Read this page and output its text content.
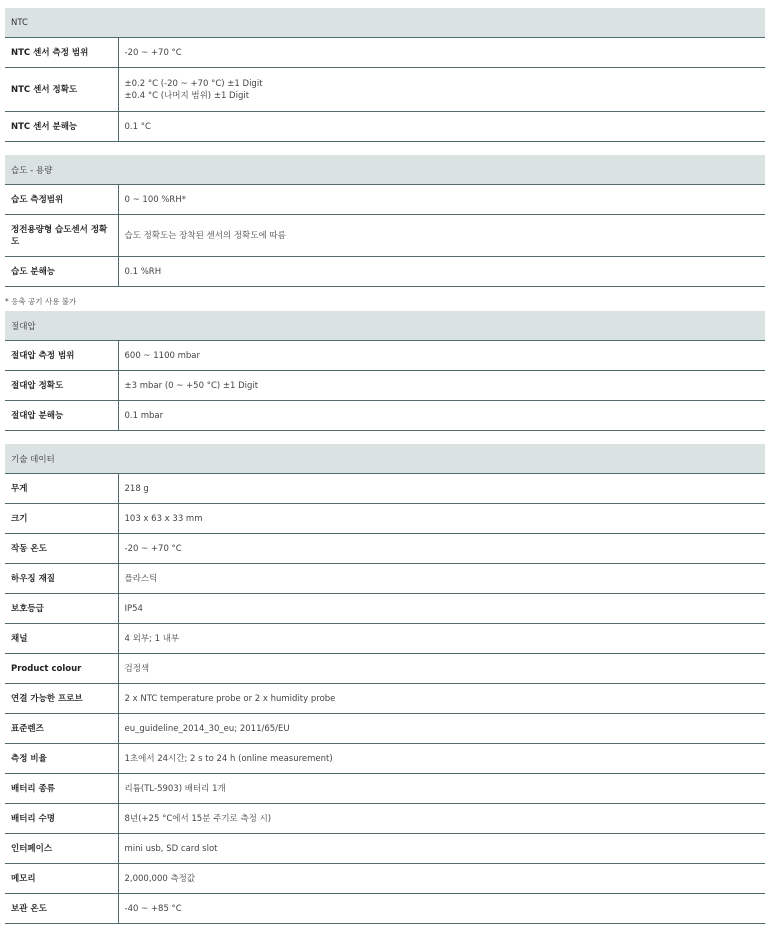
NTC	
NTC 센서 측정 범위	-20 ~ +70 °C
NTC 센서 정확도	±0.2 °C (-20 ~ +70 °C) ±1 Digit
±0.4 °C (나머지 범위) ±1 Digit

NTC 센서 분해능	0.1 °C
습도 - 용량	
습도 측정범위	0 ~ 100 %RH*
정전용량형 습도센서 정확도	습도 정확도는 장착된 센서의 정확도에 따름
습도 분해능	0.1 %RH
* 응축 공기 사용 불가
절대압	
절대압 측정 범위	600 ~ 1100 mbar
절대압 정확도	±3 mbar (0 ~ +50 °C) ±1 Digit
절대압 분해능	0.1 mbar
기술 데이터	
무게	218 g
크기	103 x 63 x 33 mm
작동 온도	-20 ~ +70 °C
하우징 재질	플라스틱
보호등급	IP54
채널	4 외부; 1 내부
Product colour	검정색
연결 가능한 프로브	2 x NTC temperature probe or 2 x humidity probe
표준렌즈	eu_guideline_2014_30_eu; 2011/65/EU
측정 비율	1초에서 24시간; 2 s to 24 h (online measurement)
배터리 종류	리튬(TL-5903) 배터리 1개
배터리 수명	8년(+25 °C에서 15분 주기로 측정 시)
인터페이스	mini usb, SD card slot
메모리	2,000,000 측정값
보관 온도	-40 ~ +85 °C
